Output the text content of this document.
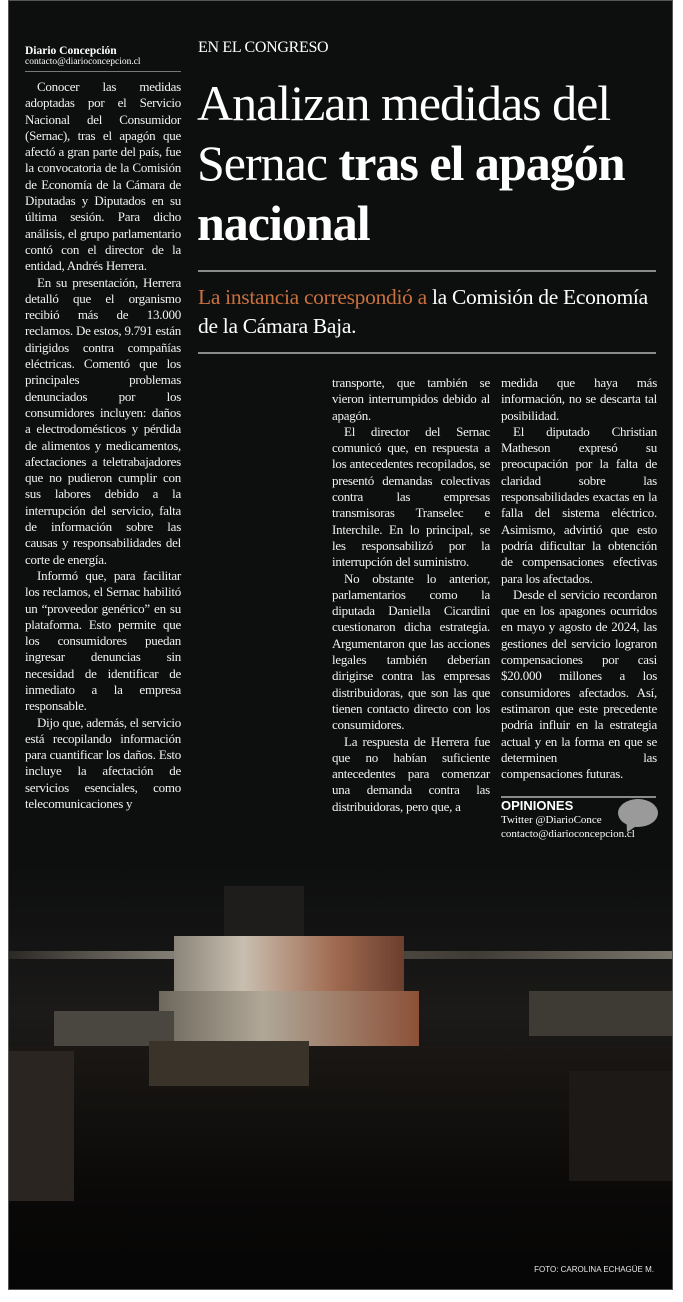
Diario Concepción
contacto@diarioconcepcion.cl

Conocer las medidas adoptadas por el Servicio Nacional del Consumidor (Sernac), tras el apagón que afectó a gran parte del país, fue la convocatoria de la Comisión de Economía de la Cámara de Diputadas y Diputados en su última sesión. Para dicho análisis, el grupo parlamentario contó con el director de la entidad, Andrés Herrera.

En su presentación, Herrera detalló que el organismo recibió más de 13.000 reclamos. De estos, 9.791 están dirigidos contra compañías eléctricas. Comentó que los principales problemas denunciados por los consumidores incluyen: daños a electrodomésticos y pérdida de alimentos y medicamentos, afectaciones a teletrabajadores que no pudieron cumplir con sus labores debido a la interrupción del servicio, falta de información sobre las causas y responsabilidades del corte de energía.

Informó que, para facilitar los reclamos, el Sernac habilitó un “proveedor genérico” en su plataforma. Esto permite que los consumidores puedan ingresar denuncias sin necesidad de identificar de inmediato a la empresa responsable.

Dijo que, además, el servicio está recopilando información para cuantificar los daños. Esto incluye la afectación de servicios esenciales, como telecomunicaciones y

EN EL CONGRESO
Analizan medidas del Sernac tras el apagón nacional
La instancia correspondió a la Comisión de Economía de la Cámara Baja.

transporte, que también se vieron interrumpidos debido al apagón.

El director del Sernac comunicó que, en respuesta a los antecedentes recopilados, se presentó demandas colectivas contra las empresas transmisoras Transelec e Interchile. En lo principal, se les responsabilizó por la interrupción del suministro.

No obstante lo anterior, parlamentarios como la diputada Daniella Cicardini cuestionaron dicha estrategia. Argumentaron que las acciones legales también deberían dirigirse contra las empresas distribuidoras, que son las que tienen contacto directo con los consumidores.

La respuesta de Herrera fue que no habían suficiente antecedentes para comenzar una demanda contra las distribuidoras, pero que, a

medida que haya más información, no se descarta tal posibilidad.

El diputado Christian Matheson expresó su preocupación por la falta de claridad sobre las responsabilidades exactas en la falla del sistema eléctrico. Asimismo, advirtió que esto podría dificultar la obtención de compensaciones efectivas para los afectados.

Desde el servicio recordaron que en los apagones ocurridos en mayo y agosto de 2024, las gestiones del servicio lograron compensaciones por casi $20.000 millones a los consumidores afectados. Así, estimaron que este precedente podría influir en la estrategia actual y en la forma en que se determinen las compensaciones futuras.

OPINIONES
Twitter @DiarioConce
contacto@diarioconcepcion.cl
FOTO: CAROLINA ECHAGÜE M.
